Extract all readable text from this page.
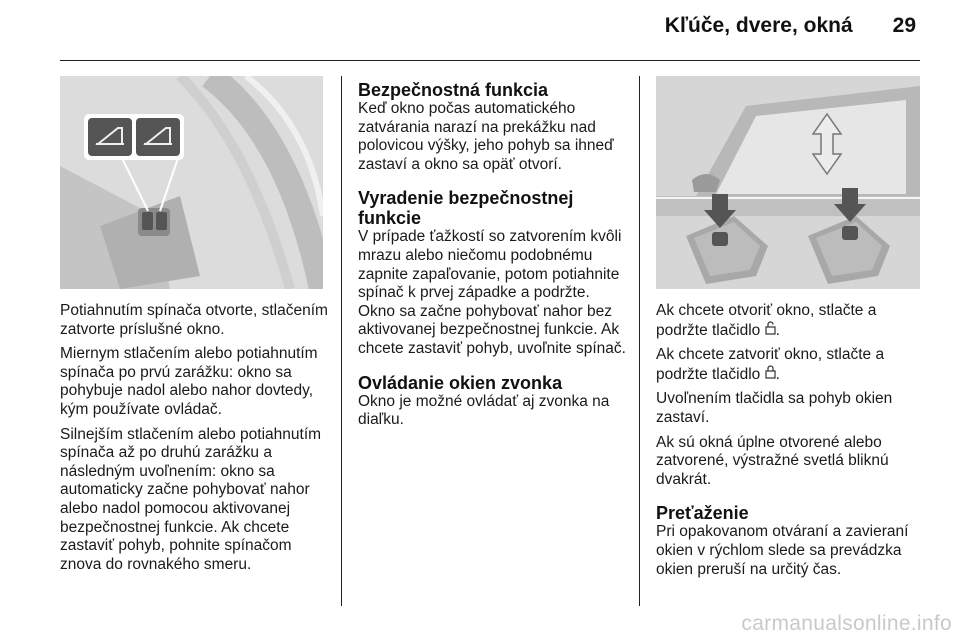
Kľúče, dvere, okná 29

Potiahnutím spínača otvorte, stlačením zatvorte príslušné okno.

Miernym stlačením alebo potiahnutím spínača po prvú zarážku: okno sa pohybuje nadol alebo nahor dovtedy, kým používate ovládač.

Silnejším stlačením alebo potiahnutím spínača až po druhú zarážku a následným uvoľnením: okno sa automaticky začne pohybovať nahor alebo nadol pomocou aktivovanej bezpečnostnej funkcie. Ak chcete zastaviť pohyb, pohnite spínačom znova do rovnakého smeru.

Bezpečnostná funkcia

Keď okno počas automatického zatvárania narazí na prekážku nad polovicou výšky, jeho pohyb sa ihneď zastaví a okno sa opäť otvorí.

Vyradenie bezpečnostnej funkcie

V prípade ťažkostí so zatvorením kvôli mrazu alebo niečomu podobnému zapnite zapaľovanie, potom potiahnite spínač k prvej západke a podržte. Okno sa začne pohybovať nahor bez aktivovanej bezpečnostnej funkcie. Ak chcete zastaviť pohyb, uvoľnite spínač.

Ovládanie okien zvonka

Okno je možné ovládať aj zvonka na diaľku.

Ak chcete otvoriť okno, stlačte a podržte tlačidlo .

Ak chcete zatvoriť okno, stlačte a podržte tlačidlo .

Uvoľnením tlačidla sa pohyb okien zastaví.

Ak sú okná úplne otvorené alebo zatvorené, výstražné svetlá bliknú dvakrát.

Preťaženie

Pri opakovanom otváraní a zavieraní okien v rýchlom slede sa prevádzka okien preruší na určitý čas.

carmanualsonline.info
